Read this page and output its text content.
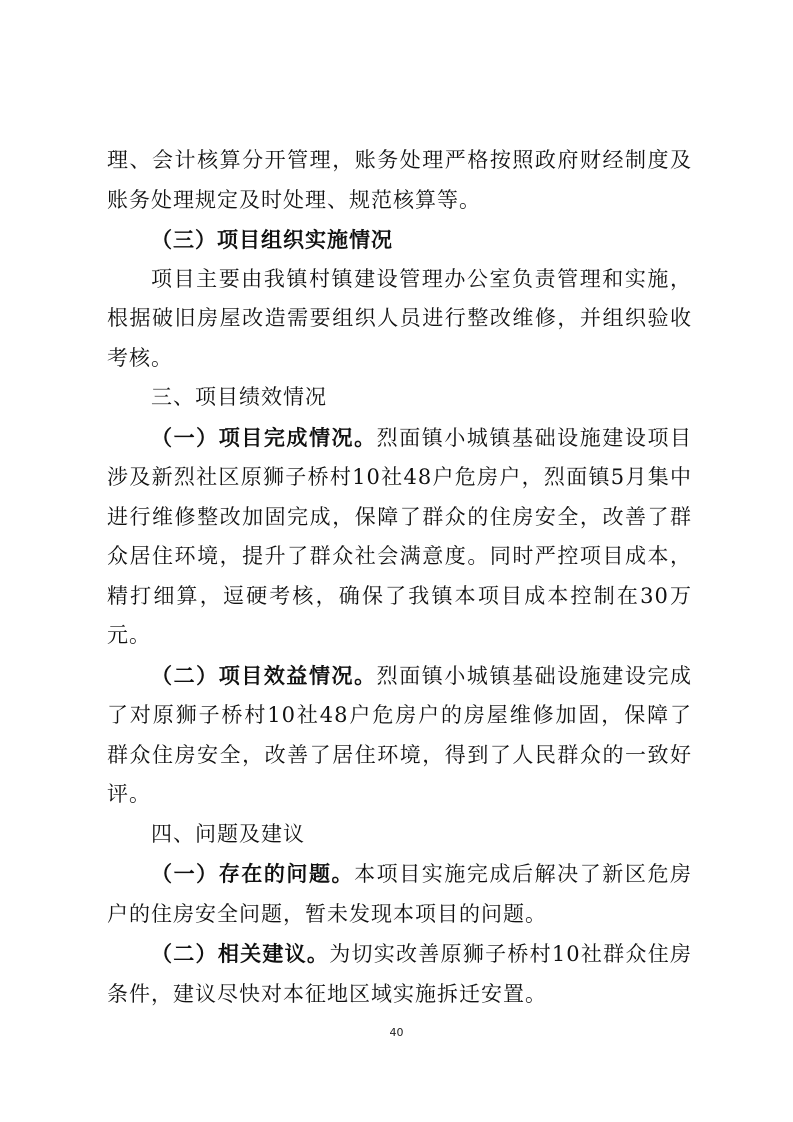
理、会计核算分开管理，账务处理严格按照政府财经制度及账务处理规定及时处理、规范核算等。

（三）项目组织实施情况

项目主要由我镇村镇建设管理办公室负责管理和实施，根据破旧房屋改造需要组织人员进行整改维修，并组织验收考核。

三、项目绩效情况

（一）项目完成情况。烈面镇小城镇基础设施建设项目涉及新烈社区原狮子桥村10社48户危房户，烈面镇5月集中进行维修整改加固完成，保障了群众的住房安全，改善了群众居住环境，提升了群众社会满意度。同时严控项目成本，精打细算，逗硬考核，确保了我镇本项目成本控制在30万元。

（二）项目效益情况。烈面镇小城镇基础设施建设完成了对原狮子桥村10社48户危房户的房屋维修加固，保障了群众住房安全，改善了居住环境，得到了人民群众的一致好评。

四、问题及建议

（一）存在的问题。本项目实施完成后解决了新区危房户的住房安全问题，暂未发现本项目的问题。

（二）相关建议。为切实改善原狮子桥村10社群众住房条件，建议尽快对本征地区域实施拆迁安置。

40
